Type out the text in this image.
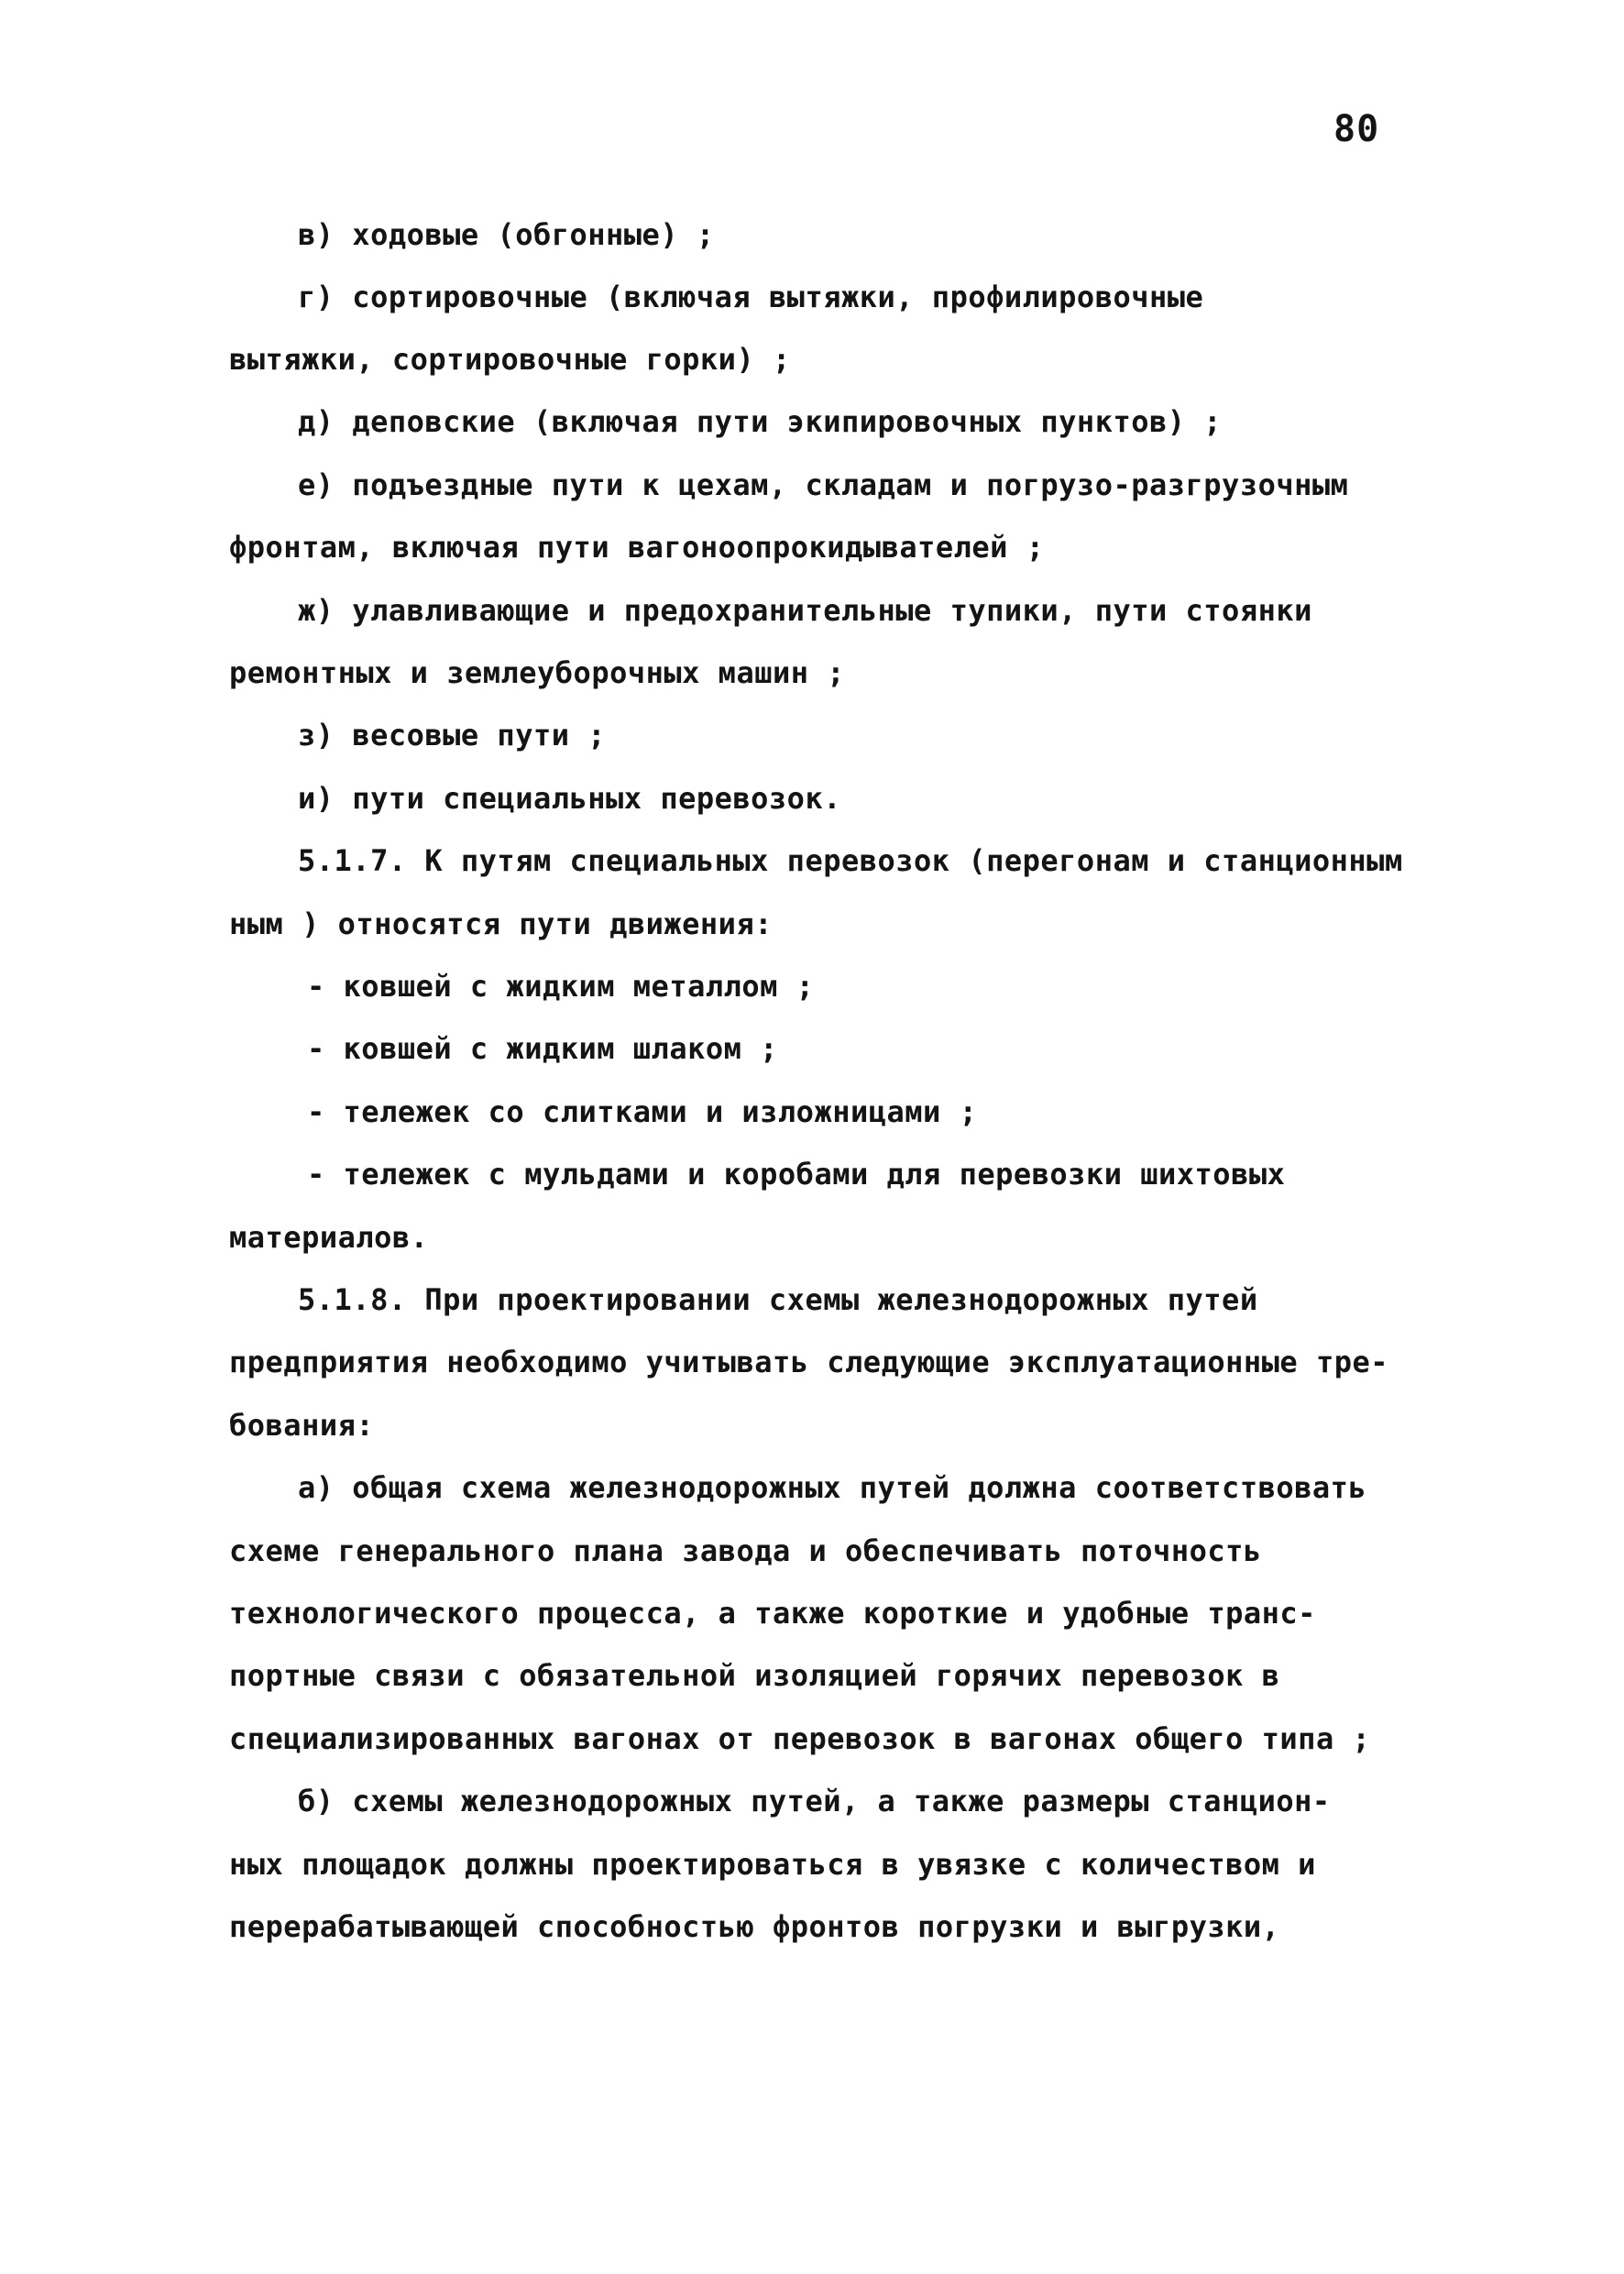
80
в) ходовые (обгонные) ;
г) сортировочные (включая вытяжки, профилировочные
вытяжки, сортировочные горки) ;
д) деповские (включая пути экипировочных пунктов) ;
е) подъездные пути к цехам, складам и погрузо-разгрузочным
фронтам, включая пути вагоноопрокидывателей ;
ж) улавливающие и предохранительные тупики, пути стоянки
ремонтных и землеуборочных машин ;
з) весовые пути ;
и) пути специальных перевозок.
5.1.7. К путям специальных перевозок (перегонам и станционным
ным ) относятся пути движения:
- ковшей с жидким металлом ;
- ковшей с жидким шлаком ;
- тележек со слитками и изложницами ;
- тележек с мульдами и коробами для перевозки шихтовых
материалов.
5.1.8. При проектировании схемы железнодорожных путей
предприятия необходимо учитывать следующие эксплуатационные тре-
бования:
а) общая схема железнодорожных путей должна соответствовать
схеме генерального плана завода и обеспечивать поточность
технологического процесса, а также короткие и удобные транс-
портные связи с обязательной изоляцией горячих перевозок в
специализированных вагонах от перевозок в вагонах общего типа ;
б) схемы железнодорожных путей, а также размеры станцион-
ных площадок должны проектироваться в увязке с количеством и
перерабатывающей способностью фронтов погрузки и выгрузки,
